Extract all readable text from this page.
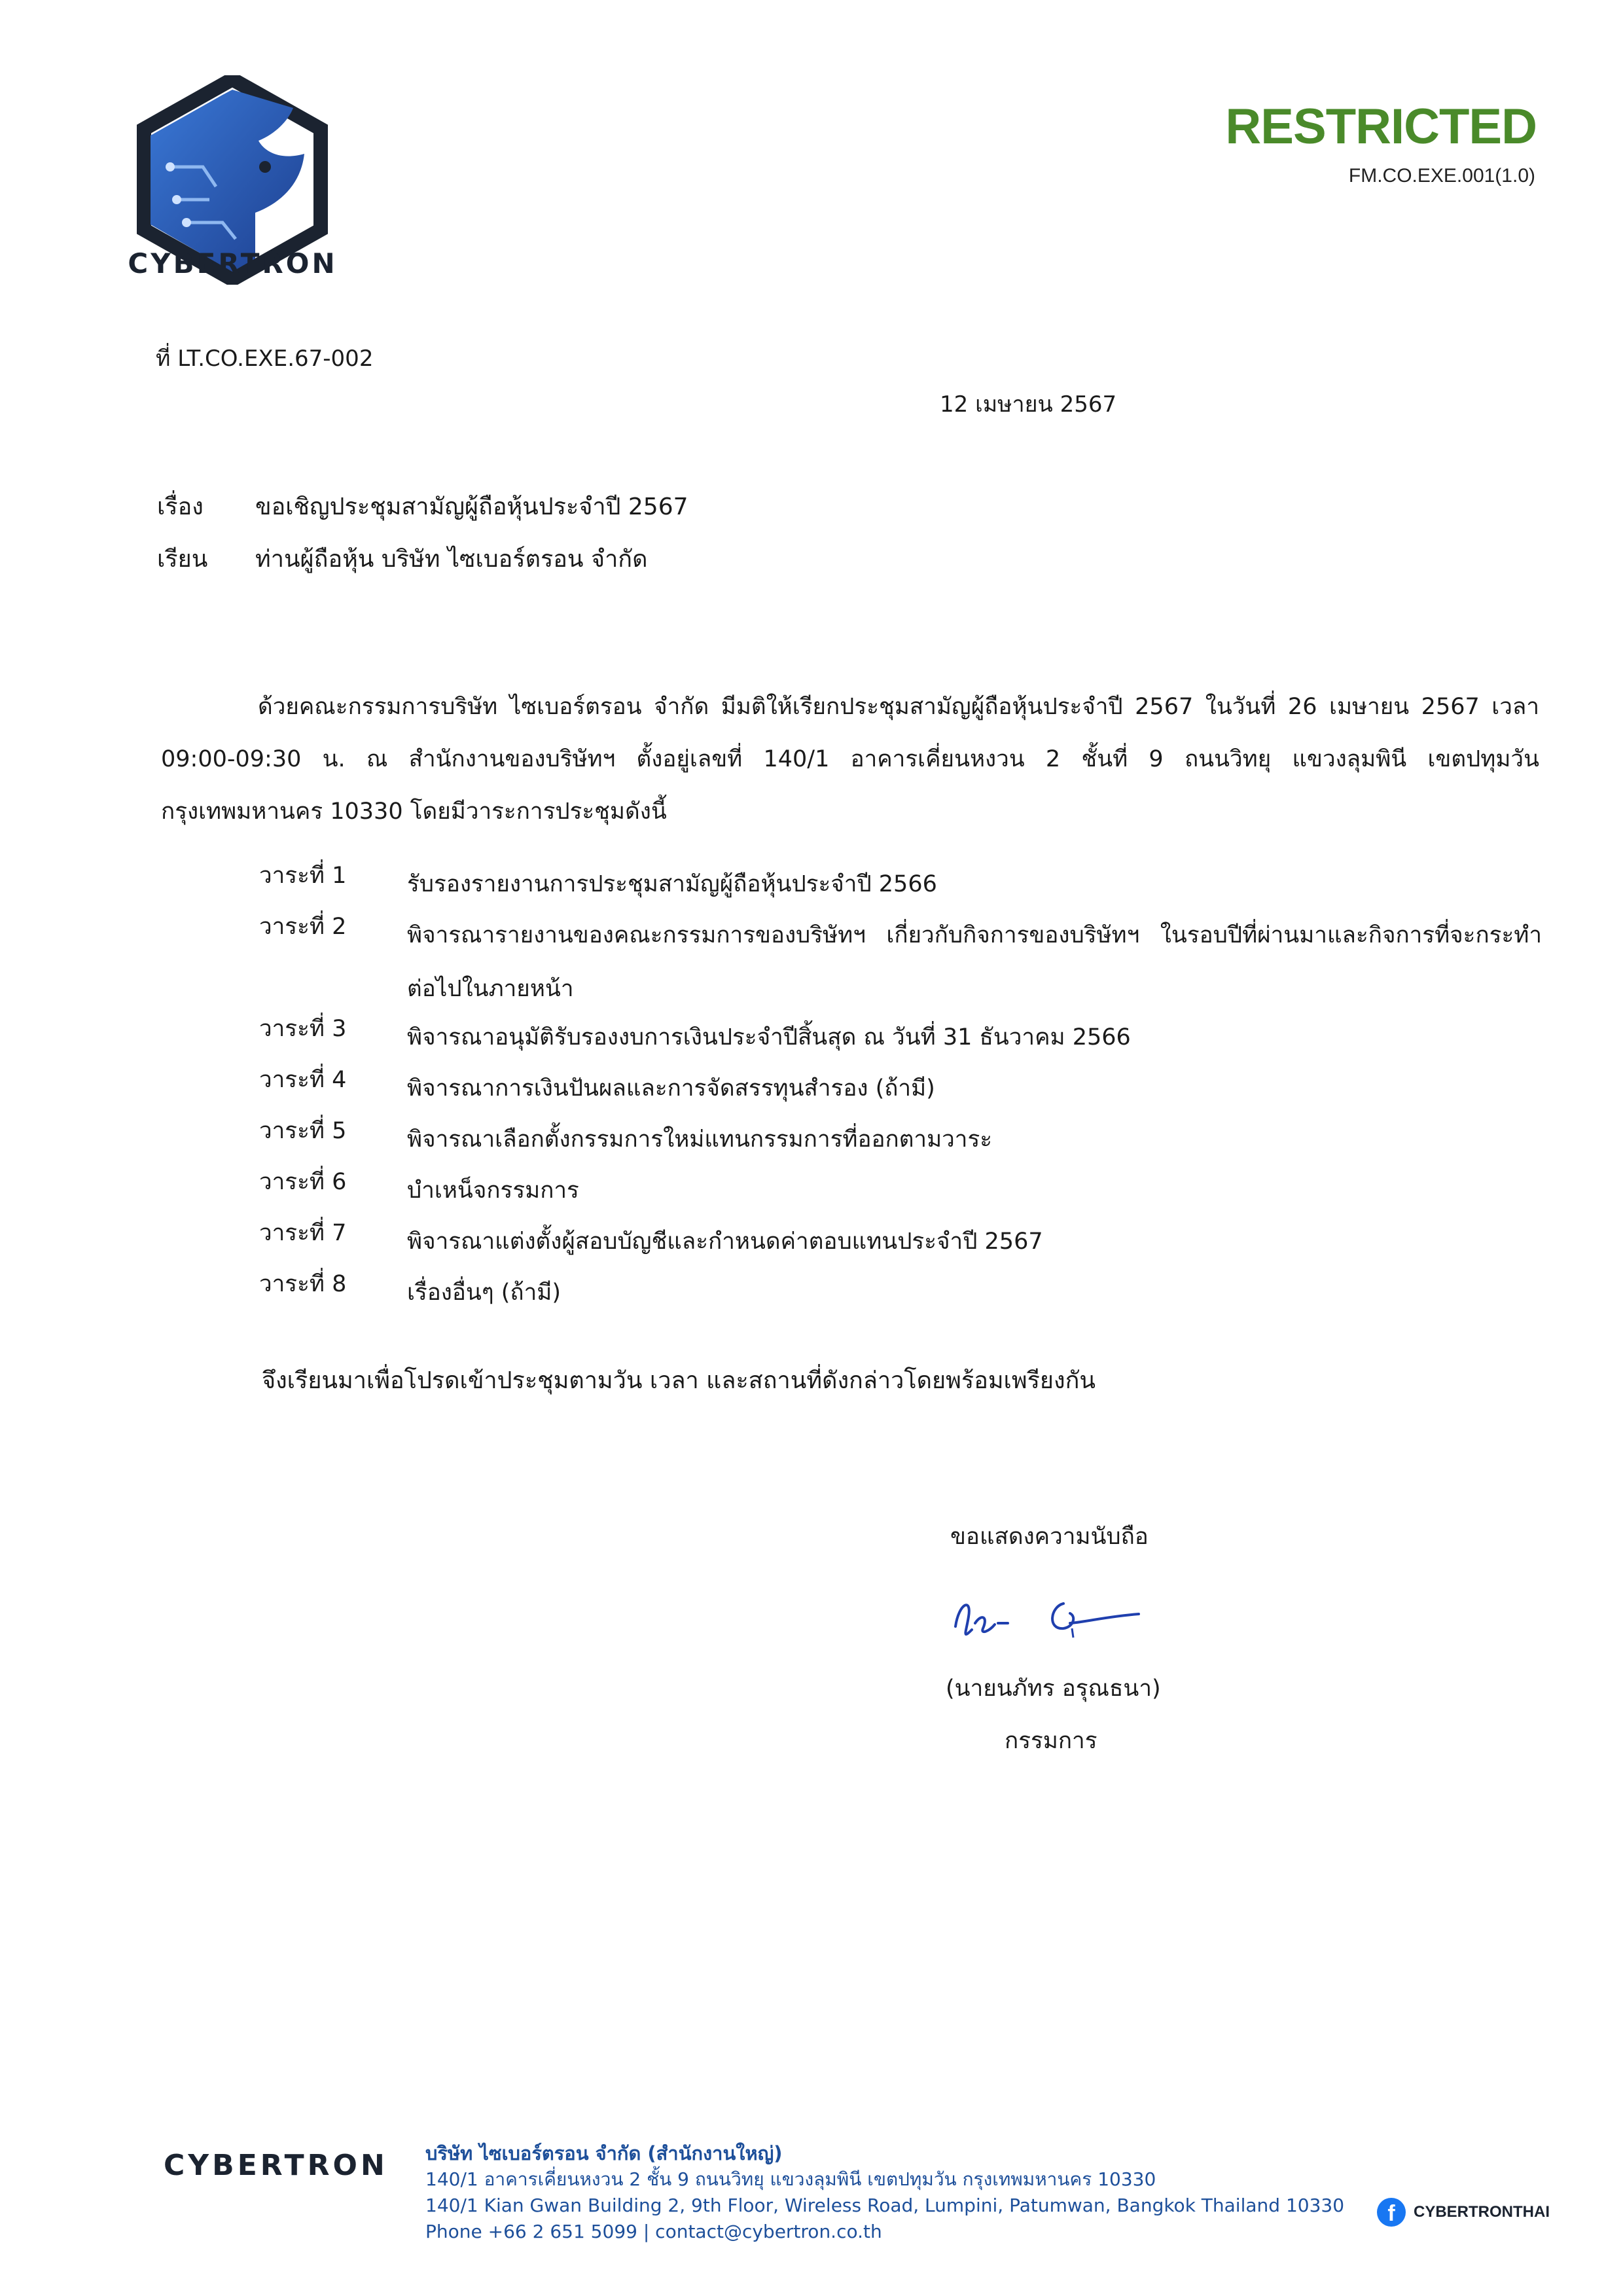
CYBERTRON
RESTRICTED
FM.CO.EXE.001(1.0)
ที่ LT.CO.EXE.67-002
12 เมษายน 2567
เรื่อง	ขอเชิญประชุมสามัญผู้ถือหุ้นประจำปี 2567
เรียน	ท่านผู้ถือหุ้น บริษัท ไซเบอร์ตรอน จำกัด
ด้วยคณะกรรมการบริษัท ไซเบอร์ตรอน จำกัด มีมติให้เรียกประชุมสามัญผู้ถือหุ้นประจำปี 2567 ในวันที่ 26 เมษายน 2567 เวลา 09:00-09:30 น. ณ สำนักงานของบริษัทฯ ตั้งอยู่เลขที่ 140/1 อาคารเคี่ยนหงวน 2 ชั้นที่ 9 ถนนวิทยุ แขวงลุมพินี เขตปทุมวัน กรุงเทพมหานคร 10330 โดยมีวาระการประชุมดังนี้
วาระที่ 1	รับรองรายงานการประชุมสามัญผู้ถือหุ้นประจำปี 2566
วาระที่ 2	พิจารณารายงานของคณะกรรมการของบริษัทฯ เกี่ยวกับกิจการของบริษัทฯ ในรอบปีที่ผ่านมาและกิจการที่จะกระทำต่อไปในภายหน้า
วาระที่ 3	พิจารณาอนุมัติรับรองงบการเงินประจำปีสิ้นสุด ณ วันที่ 31 ธันวาคม 2566
วาระที่ 4	พิจารณาการเงินปันผลและการจัดสรรทุนสำรอง (ถ้ามี)
วาระที่ 5	พิจารณาเลือกตั้งกรรมการใหม่แทนกรรมการที่ออกตามวาระ
วาระที่ 6	บำเหน็จกรรมการ
วาระที่ 7	พิจารณาแต่งตั้งผู้สอบบัญชีและกำหนดค่าตอบแทนประจำปี 2567
วาระที่ 8	เรื่องอื่นๆ (ถ้ามี)
จึงเรียนมาเพื่อโปรดเข้าประชุมตามวัน เวลา และสถานที่ดังกล่าวโดยพร้อมเพรียงกัน
ขอแสดงความนับถือ
(นายนภัทร อรุณธนา)
กรรมการ
CYBERTRON บริษัท ไซเบอร์ตรอน จำกัด (สำนักงานใหญ่)
140/1 อาคารเคี่ยนหงวน 2 ชั้น 9 ถนนวิทยุ แขวงลุมพินี เขตปทุมวัน กรุงเทพมหานคร 10330
140/1 Kian Gwan Building 2, 9th Floor, Wireless Road, Lumpini, Patumwan, Bangkok Thailand 10330
Phone +66 2 651 5099 | contact@cybertron.co.th
f	CYBERTRONTHAI
